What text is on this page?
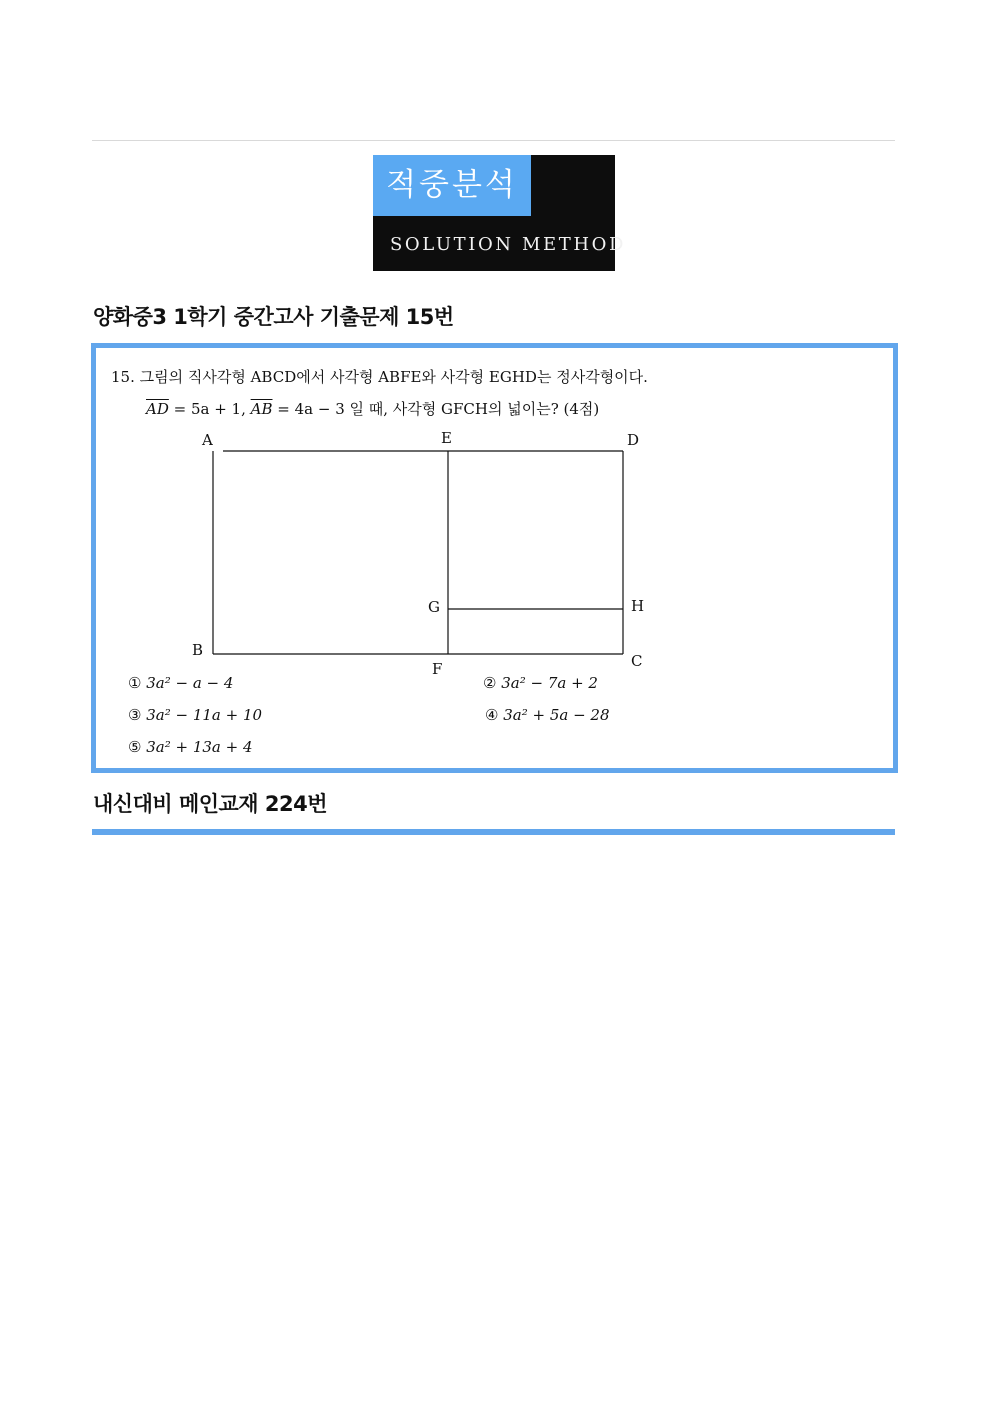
적중분석
SOLUTION METHOD
양화중3 1학기 중간고사 기출문제 15번
15. 그림의 직사각형 ABCD에서 사각형 ABFE와 사각형 EGHD는 정사각형이다.
$\overline{AD} = 5a + 1$, $\overline{AB} = 4a - 3$ 일 때, 사각형 GFCH의 넓이는? (4점)
A	E	D
G	H
B
F	C
① 3a² − a − 4	② 3a² − 7a + 2
③ 3a² − 11a + 10	④ 3a² + 5a − 28
⑤ 3a² + 13a + 4
내신대비 메인교재 224번
